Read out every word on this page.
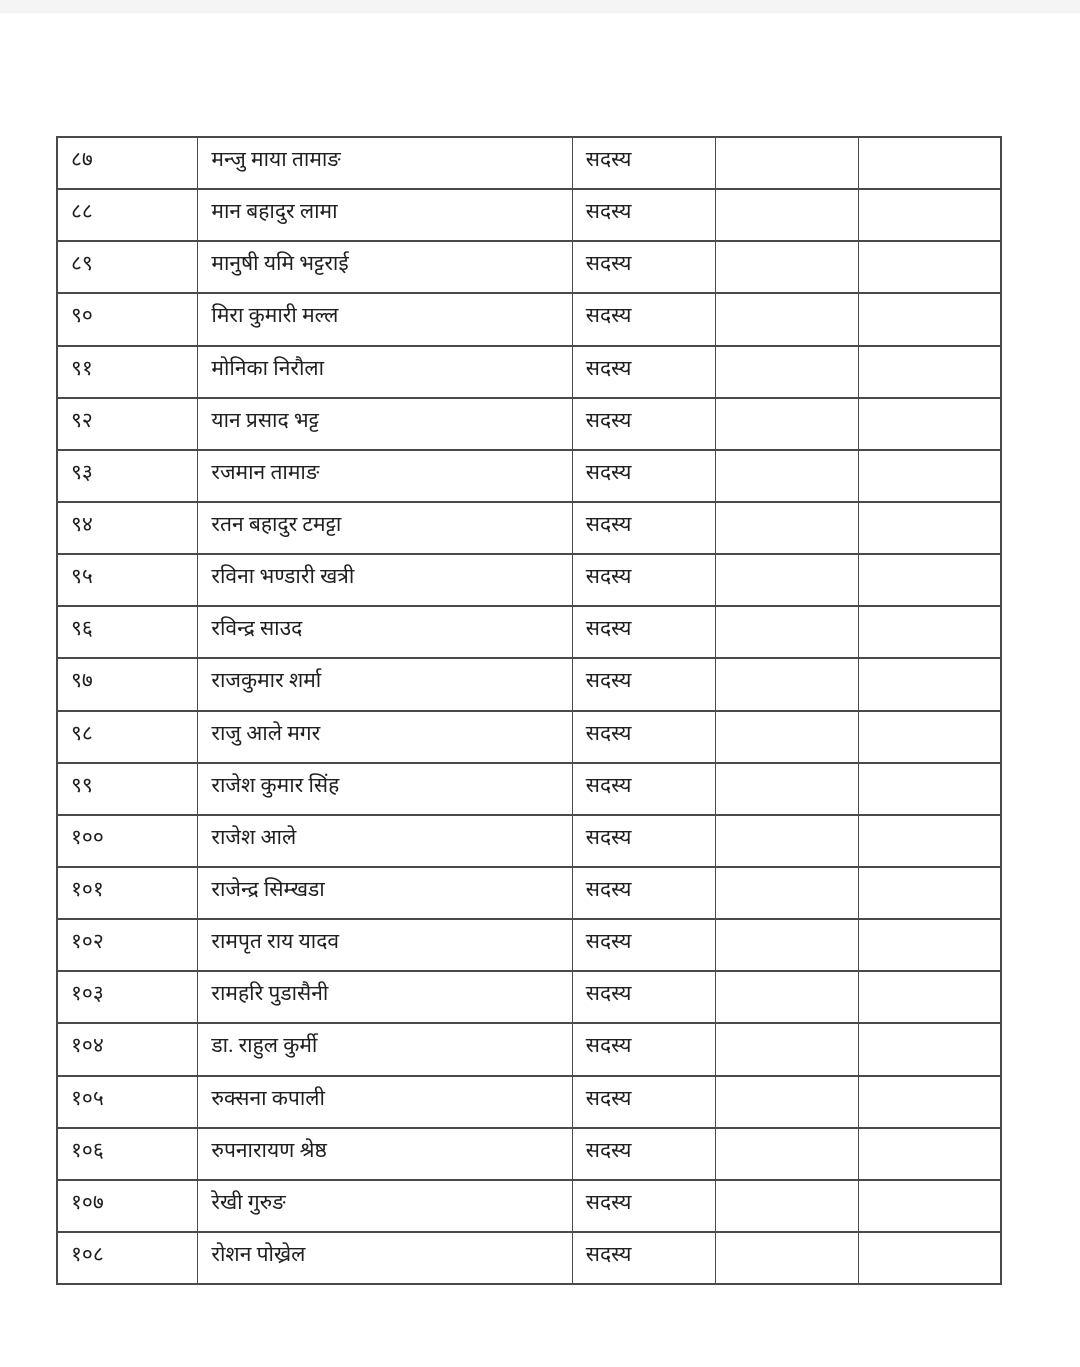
८७	मन्जु माया तामाङ	सदस्य		
८८	मान बहादुर लामा	सदस्य		
८९	मानुषी यमि भट्टराई	सदस्य		
९०	मिरा कुमारी मल्ल	सदस्य		
९१	मोनिका निरौला	सदस्य		
९२	यान प्रसाद भट्ट	सदस्य		
९३	रजमान तामाङ	सदस्य		
९४	रतन बहादुर टमट्टा	सदस्य		
९५	रविना भण्डारी खत्री	सदस्य		
९६	रविन्द्र साउद	सदस्य		
९७	राजकुमार शर्मा	सदस्य		
९८	राजु आले मगर	सदस्य		
९९	राजेश कुमार सिंह	सदस्य		
१००	राजेश आले	सदस्य		
१०१	राजेन्द्र सिम्खडा	सदस्य		
१०२	रामपृत राय यादव	सदस्य		
१०३	रामहरि पुडासैनी	सदस्य		
१०४	डा. राहुल कुर्मी	सदस्य		
१०५	रुक्सना कपाली	सदस्य		
१०६	रुपनारायण श्रेष्ठ	सदस्य		
१०७	रेखी गुरुङ	सदस्य		
१०८	रोशन पोख्रेल	सदस्य		
